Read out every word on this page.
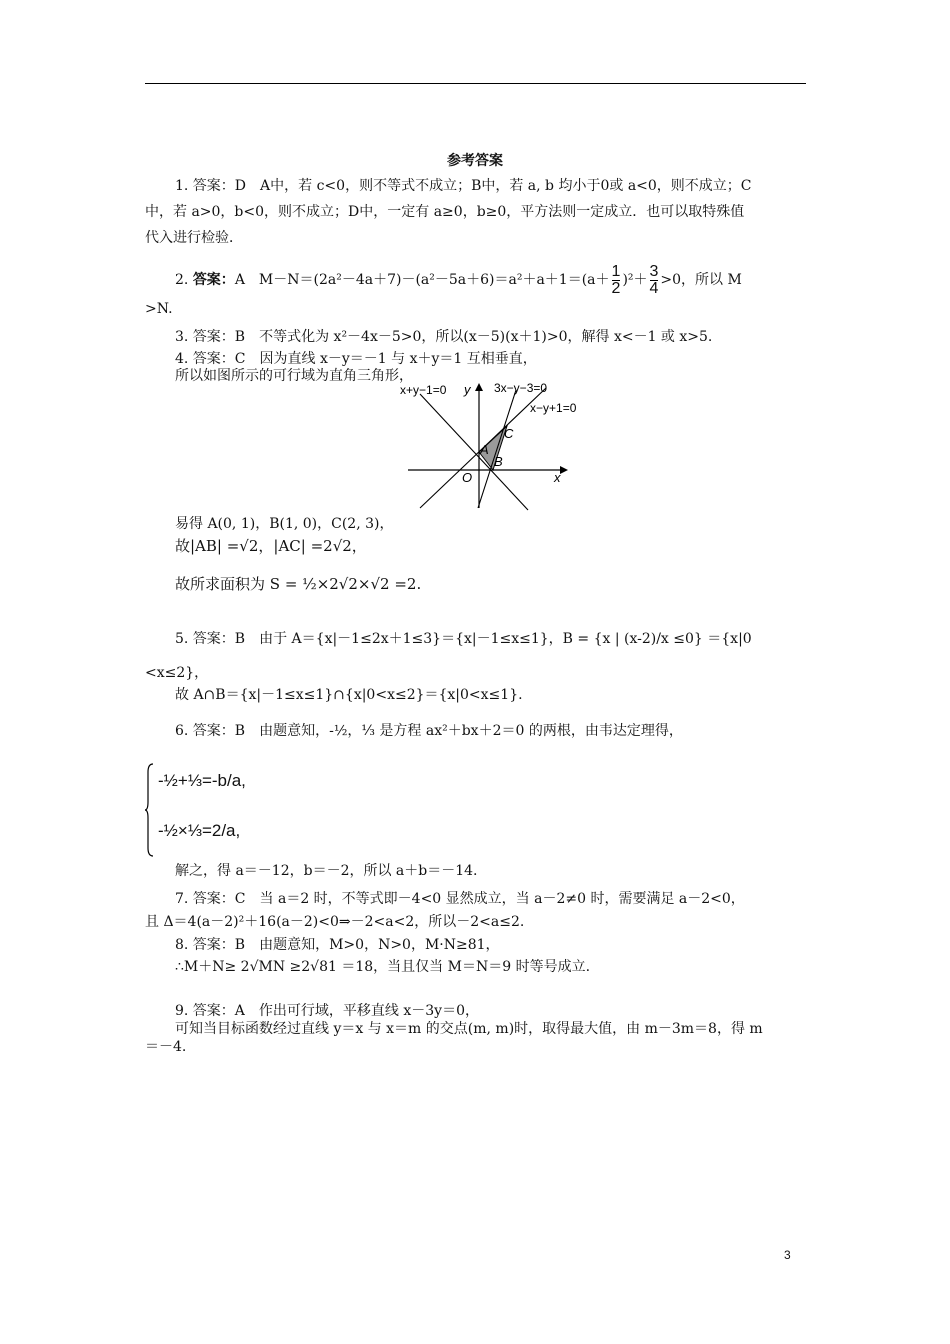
参考答案
1. 答案：D　A中，若 c<0，则不等式不成立；B中，若 a, b 均小于0或 a<0，则不成立；C
中，若 a>0，b<0，则不成立；D中，一定有 a≥0，b≥0，平方法则一定成立．也可以取特殊值
代入进行检验．
2. 答案：A　$M-N=(2a^2-4a+7)-(a^2-5a+6)=a^2+a+1=(a+ \frac{1}{2} )^2+ \frac{3}{4} >0$，所以 M
>N.
3. 答案：B　不等式化为 x²－4x－5>0，所以(x－5)(x＋1)>0，解得 x<－1 或 x>5.
4. 答案：C　因为直线 x－y＝－1 与 x＋y＝1 互相垂直，
所以如图所示的可行域为直角三角形，
x+y−1=0	3x−y−3=0
x−y+1=0
y
x
O
A
B
C
易得 A(0, 1)，B(1, 0)，C(2, 3)，
故|AB| =√2，|AC| =2√2，
故所求面积为 S = ½×2√2×√2 =2.
5. 答案：B　由于 A＝{x|－1≤2x＋1≤3}＝{x|－1≤x≤1}，B = {x | (x-2)/x ≤0} ＝{x|0
<x≤2}，
故 A∩B＝{x|－1≤x≤1}∩{x|0<x≤2}＝{x|0<x≤1}.
6. 答案：B　由题意知，-½，⅓ 是方程 ax²＋bx＋2＝0 的两根，由韦达定理得，
-½+⅓=-b/a,
-½×⅓=2/a,
解之，得 a＝－12，b＝－2，所以 a＋b＝－14.
7. 答案：C　当 a＝2 时，不等式即－4<0 显然成立，当 a－2≠0 时，需要满足 a－2<0，
且 Δ＝4(a－2)²＋16(a－2)<0⇒－2<a<2，所以－2<a≤2.
8. 答案：B　由题意知，M>0，N>0，M·N≥81，
∴M＋N≥ 2√MN ≥2√81 ＝18，当且仅当 M＝N＝9 时等号成立.
9. 答案：A　作出可行域，平移直线 x－3y＝0，
可知当目标函数经过直线 y＝x 与 x＝m 的交点(m, m)时，取得最大值，由 m－3m＝8，得 m
＝－4.
3
